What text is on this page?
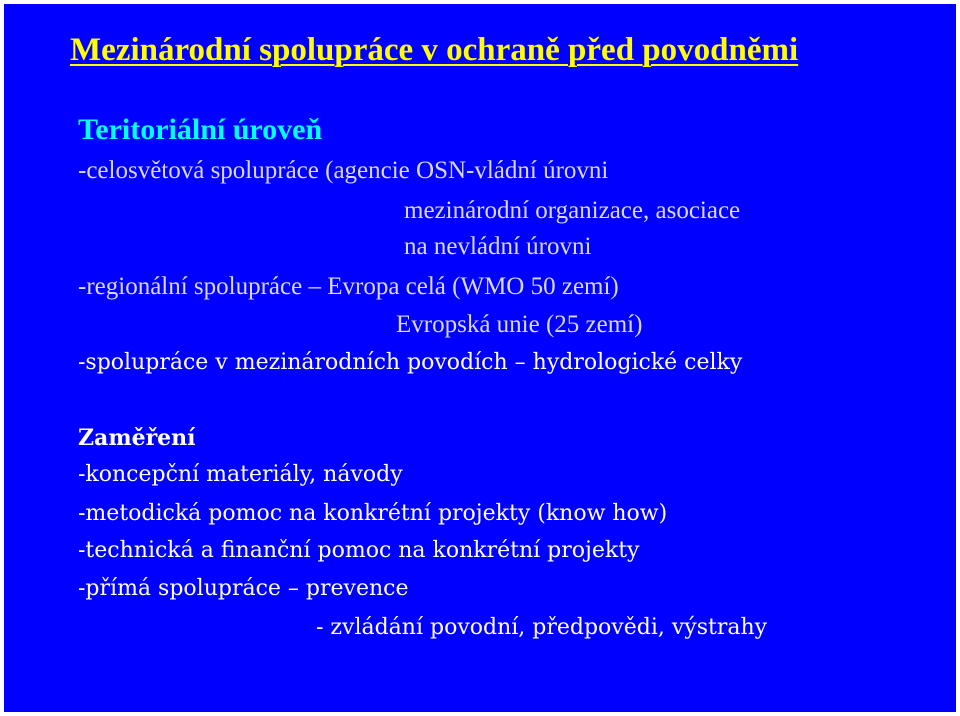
Mezinárodní spolupráce v ochraně před povodněmi
Teritoriální úroveň
-celosvětová spolupráce (agencie OSN-vládní úrovni
mezinárodní organizace, asociace
na nevládní úrovni
-regionální spolupráce – Evropa celá (WMO 50 zemí)
Evropská unie (25 zemí)
-spolupráce v mezinárodních povodích – hydrologické celky
Zaměření
-koncepční materiály, návody
-metodická pomoc na konkrétní projekty (know how)
-technická a finanční pomoc na konkrétní projekty
-přímá spolupráce – prevence
- zvládání povodní, předpovědi, výstrahy
